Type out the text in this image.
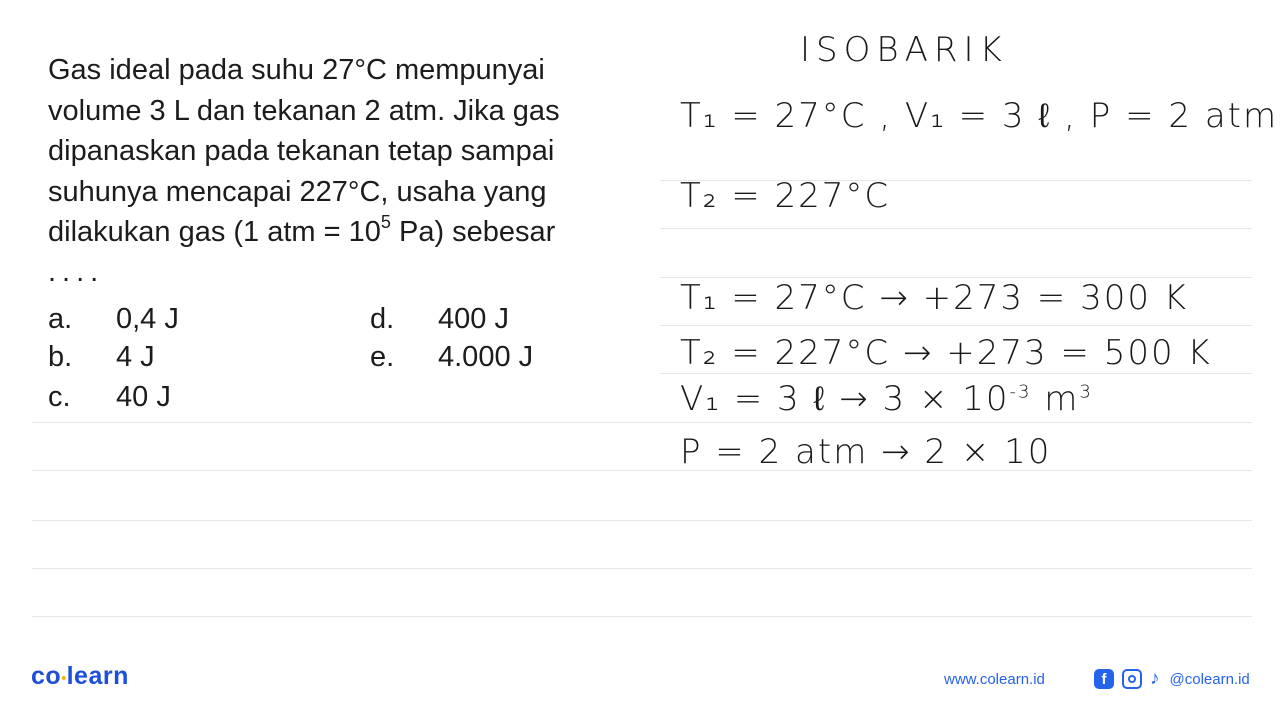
Gas ideal pada suhu 27°C mempunyai

volume 3 L dan tekanan 2 atm. Jika gas

dipanaskan pada tekanan tetap sampai

suhunya mencapai 227°C, usaha yang

dilakukan gas (1 atm = $10^5$ Pa) sebesar

....
a. 0,4 J
b. 4 J
c. 40 J
d. 400 J
e. 4.000 J
ISOBARIK
T₁ = 27°C , V₁ = 3 ℓ , P = 2 atm
T₂ = 227°C
T₁ = 27°C → +273 = 300 K
T₂ = 227°C → +273 = 500 K
V₁ = 3 ℓ → $3 \times 10^{-3}$ $m^3$
P = 2 atm → 2 × 10
co•learn	www.colearn.id	f	♪ @colearn.id
